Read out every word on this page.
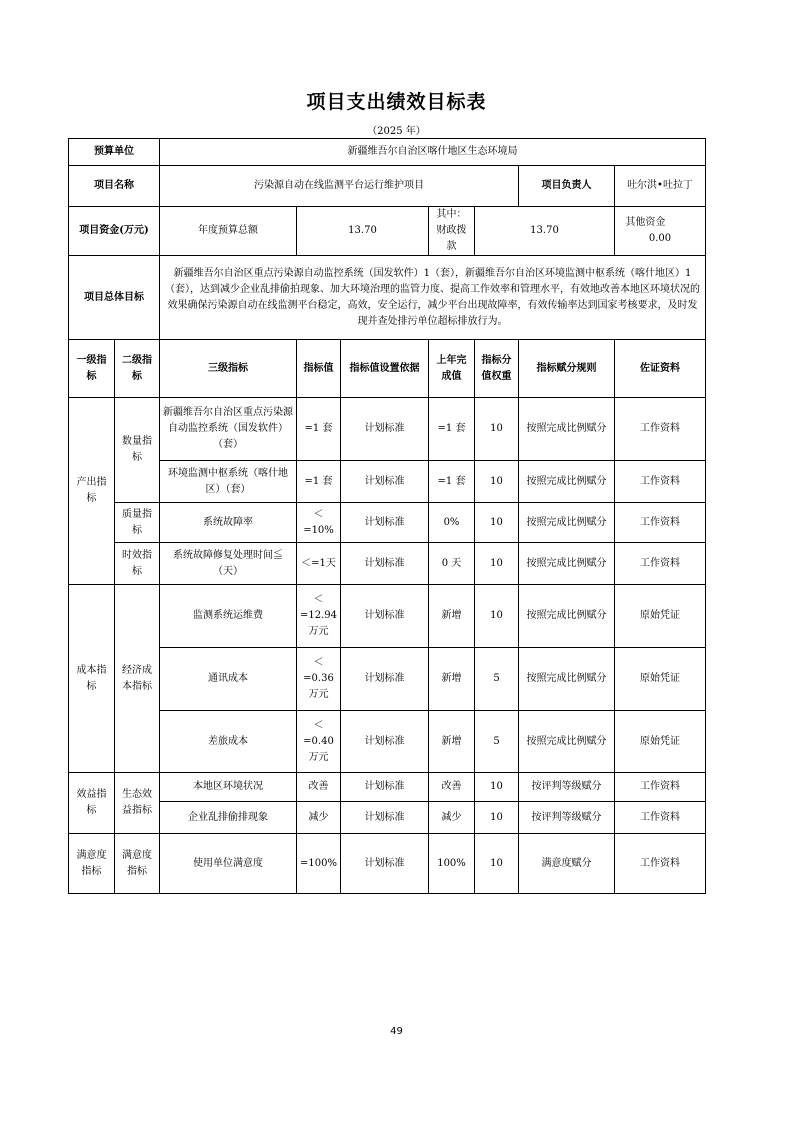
项目支出绩效目标表
（2025 年）
预算单位		新疆维吾尔自治区喀什地区生态环境局						
项目名称		污染源自动在线监测平台运行维护项目					项目负责人	吐尔洪•吐拉丁
项目资金(万元)		年度预算总额	13.70		其中：财政拨款	13.70		其他资金  0.00
项目总体目标		新疆维吾尔自治区重点污染源自动监控系统（国发软件）1（套），新疆维吾尔自治区环境监测中枢系统（喀什地区）1（套），达到减少企业乱排偷拍现象、加大环境治理的监管力度、提高工作效率和管理水平，有效地改善本地区环境状况的效果确保污染源自动在线监测平台稳定，高效，安全运行，减少平台出现故障率，有效传输率达到国家考核要求，及时发现并查处排污单位超标排放行为。						
一级指标	二级指标	三级指标	指标值	指标值设置依据	上年完成值	指标分值权重	指标赋分规则	佐证资料
产出指标	数量指标	新疆维吾尔自治区重点污染源自动监控系统（国发软件）（套）	=1 套	计划标准	=1 套	10	按照完成比例赋分	工作资料
		环境监测中枢系统（喀什地区）（套）	=1 套	计划标准	=1 套	10	按照完成比例赋分	工作资料
	质量指标	系统故障率	＜=10%	计划标准	0%	10	按照完成比例赋分	工作资料
	时效指标	系统故障修复处理时间≦（天）	＜=1天	计划标准	0 天	10	按照完成比例赋分	工作资料
成本指标	经济成本指标	监测系统运维费	＜=12.94万元	计划标准	新增	10	按照完成比例赋分	原始凭证
		通讯成本	＜=0.36万元	计划标准	新增	5	按照完成比例赋分	原始凭证
		差旅成本	＜=0.40万元	计划标准	新增	5	按照完成比例赋分	原始凭证
效益指标	生态效益指标	本地区环境状况	改善	计划标准	改善	10	按评判等级赋分	工作资料
		企业乱排偷排现象	减少	计划标准	减少	10	按评判等级赋分	工作资料
满意度指标	满意度指标	使用单位满意度	=100%	计划标准	100%	10	满意度赋分	工作资料
49
